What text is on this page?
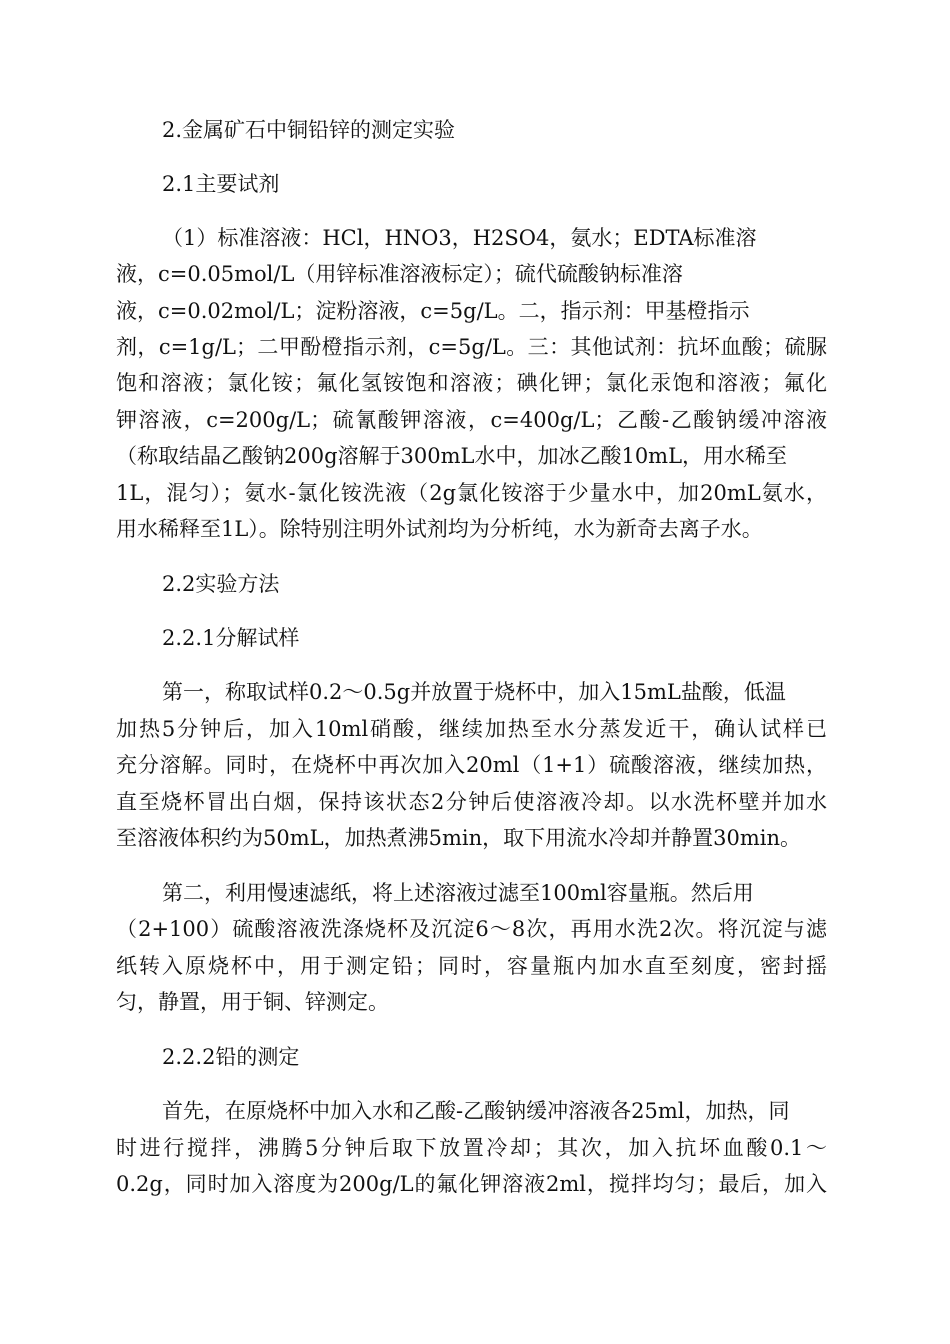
2.金属矿石中铜铅锌的测定实验

2.1主要试剂

（1）标准溶液：HCl，HNO3，H2SO4，氨水；EDTA标准溶

液，c=0.05mol/L（用锌标准溶液标定）；硫代硫酸钠标准溶

液，c=0.02mol/L；淀粉溶液，c=5g/L。二，指示剂：甲基橙指示

剂，c=1g/L；二甲酚橙指示剂，c=5g/L。三：其他试剂：抗坏血酸；硫脲

饱和溶液；氯化铵；氟化氢铵饱和溶液；碘化钾；氯化汞饱和溶液；氟化

钾溶液，c=200g/L；硫氰酸钾溶液，c=400g/L；乙酸-乙酸钠缓冲溶液

（称取结晶乙酸钠200g溶解于300mL水中，加冰乙酸10mL，用水稀至

1L，混匀）；氨水-氯化铵洗液（2g氯化铵溶于少量水中，加20mL氨水，

用水稀释至1L）。除特别注明外试剂均为分析纯，水为新奇去离子水。

2.2实验方法

2.2.1分解试样

第一，称取试样0.2～0.5g并放置于烧杯中，加入15mL盐酸，低温

加热5分钟后，加入10ml硝酸，继续加热至水分蒸发近干，确认试样已

充分溶解。同时，在烧杯中再次加入20ml（1+1）硫酸溶液，继续加热，

直至烧杯冒出白烟，保持该状态2分钟后使溶液冷却。以水洗杯壁并加水

至溶液体积约为50mL，加热煮沸5min，取下用流水冷却并静置30min。

第二，利用慢速滤纸，将上述溶液过滤至100ml容量瓶。然后用

（2+100）硫酸溶液洗涤烧杯及沉淀6～8次，再用水洗2次。将沉淀与滤

纸转入原烧杯中，用于测定铅；同时，容量瓶内加水直至刻度，密封摇

匀，静置，用于铜、锌测定。

2.2.2铅的测定

首先，在原烧杯中加入水和乙酸-乙酸钠缓冲溶液各25ml，加热，同

时进行搅拌，沸腾5分钟后取下放置冷却；其次，加入抗坏血酸0.1～

0.2g，同时加入溶度为200g/L的氟化钾溶液2ml，搅拌均匀；最后，加入
